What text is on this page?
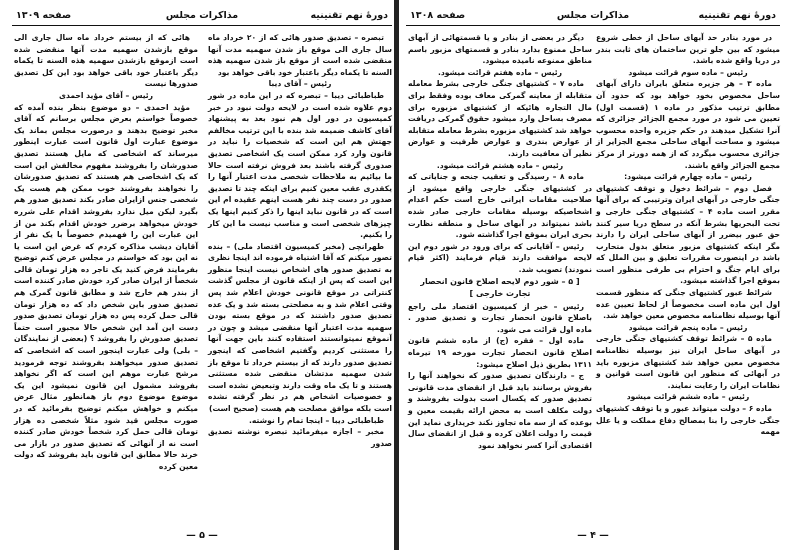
دورهٔ نهم تقنینیه
مذاکرات مجلس
صفحه ۱۳۰۹

تبصره – تصدیق صدور هائی که از ۲۰ خرداد ماه سال جاری الی موقع باز شدن سهمیه مدت آنها منقضی شده است از موقع باز شدن سهمیه هذه السنه تا یکماه دیگر باعتبار خود باقی خواهد بود

رئیس – آقای دیبا

طباطبائی دیبا – تبصره که در این ماده در شور دوم علاوه شده است در لایحه دولت نبود در خبر کمیسیون در دور اول هم نبود بعد به پیشنهاد آقای کاشف ضمیمه شد بنده با این ترتیب مخالفم جهتش هم این است که شخصیات را نباید در قانون وارد کرد ممکن است یک اشخاصی تصدیق صدوری گرفته باشند بعد فروش نرفته است حالا ما بیائیم به ملاحظات شخصی مدت اعتبار آنها را یکقدری عقب معین کنیم برای اینکه چند تا تصدیق صدور در دست چند نفر هست اینهم عقیده ام این است که در قانون نباید اینها را ذکر کنیم اینها یک چیزهای شخصی است و مناسب نیست ما این کار را بکنیم.

طهرانچی (مخبر کمیسیون اقتصاد ملی) – بنده تصور میکنم که آقا اشتباه فرموده اند اینجا نظری به تصدیق صدور های اشخاص نیست اینجا منظور این است که پس از اینکه قانون از مجلس گذشت کنتراتی در موقع قانونی خودش اعلام شد پس وقتی اعلام شد و به مصلحتی بسته شد و یک عده تصدیق صدور داشتند که در موقع بسته بودن سهمیه مدت اعتبار آنها منقضی میشد و چون در آنموقع نمیتوانستند استفاده کنند باین جهت آنها را مستثنی کردیم وگفتیم اشخاصی که اینجور تصدیق صدور دارند که از بیستم خرداد تا موقع باز شدن سهمیه مدتشان منقضی شده مستثنی هستند و تا یک ماه وقت دارند وتبعیض نشده است و خصوصیات اشخاص هم در نظر گرفته نشده است بلکه موافق مصلحت هم هست (صحیح است)

طباطبائی دیبا – اینجا تمام را نوشته.

مخبر – اجازه میفرمائید تبصره نوشته تصدیق صدور

هائی که از بیستم خرداد ماه سال جاری الی موقع بازشدن سهمیه مدت آنها منقضی شده است ازموقع بازشدن سهمیه هذه السنه تا یکماه دیگر باعتبار خود باقی خواهد بود این کل تصدیق صدورها نیست

رئیس – آقای مؤید احمدی

مؤید احمدی – دو موضوع بنظر بنده آمده که خصوصاً خواستم بعرض مجلس برسانم که آقای مخبر توضیح بدهند و درصورت مجلس بماند یک موضوع عبارت اول قانون است عبارت اینطور میرساند که اشخاصی که مایل هستند تصدیق صدورشان را بفروشند مفهوم مخالفش این است که یک اشخاصی هم هستند که تصدیق صدورشان را نخواهند بفروشند خوب ممکن هم هست یک شخصی جنس ازایران صادر بکند تصدیق صدور هم بگیرد لیکن میل ندارد بفروشد اقدام علی شرره خودش میخواهد برضرر خودش اقدام بکند من از این عبارت این را فهمیدم خصوصاً با یک نفر از آقایان دیشب مذاکره کردم که غرض این است یا نه این بود که خواستم در مجلس عرض کنم توضیح بفرمایند فرض کنید یک تاجر ده هزار تومان قالی شخصاً از ایران صادر کرد خودش صادر کننده است از بندر هم خارج شد و مطابق قانون گمرک هم تصدیق صدور باین شخص داد که ده هزار تومان قالی حمل کرده پس ده هزار تومان تصدیق صدور دست این آمد این شخص حالا مجبور است حتماً تصدیق صدورش را بفروشد ؟ (بعضی از نمایندگان – بلی) ولی عبارت اینجور است که اشخاصی که تصدیق صدور میخواهند بفروشند توجه فرمودید مرشح عبارت موهم این است که اگر نخواهد بفروشد مشمول این قانون نمیشود این یک موضوع موضوع دوم باز همانطور مثال عرض میکنم و خواهش میکنم توضیح بفرمائید که در صورت مجلس قید شود مثلاً شخصی ده هزار تومان قالی حمل کرد شخصاً خودش صادر کننده است نه از آنهائی که تصدیق صدور در بازار می خرند حالا مطابق این قانون باید بفروشد که دولت معین کرده

— ۵ —
دورهٔ نهم تقنینیه
مذاکرات مجلس
صفحه ۱۳۰۸

در مورد بنادر حد آبهای ساحل از خطی شروع میشود که بین جلو ترین ساختمان های ثابت بندر در دریا واقع شده باشد.

رئیس – ماده سوم قرائت میشود

ماده ۳ – هر جزیره متعلق بایران دارای آبهای ساحل مخصوص بخود خواهد بود که حدود آن مطابق ترتیب مذکور در ماده ۱ (قسمت اول) تعیین می شود در مورد مجمع الجزائر جزائری که آنرا تشکیل میدهند در حکم جزیره واحده محسوب میشود و مساحت آبهای ساحلی مجمع الجزایر از جزائری محسوب میگردد که از همه دورتر از مرکز مجمع الجزائر واقع باشند.

رئیس – ماده چهارم قرائت میشود:

فصل دوم – شرائط دخول و توقف کشتیهای جنگی خارجی در آبهای ایران وترتیبی که برای آنها مقرر است ماده ۴ – کشتیهای جنگی خارجی و تحت البحریها بشرط آنکه در سطح دریا سیر کنند حق عبور بیضرر از آبهای ساحلی ایران را دارند مگر اینکه کشتیهای مزبور متعلق بدول متحارب باشد در اینصورت مقررات تعلیق و بین الملل که برای ایام جنگ و احترام بی طرفی منظور است بموقع اجرا گذاشته میشود.

شرائط عبور کشتیهای جنگی که منظور قسمت اول این ماده است مخصوصاً از لحاظ تعیین عده آنها بوسیله نظامنامه مخصوص معین خواهد شد.

رئیس – ماده پنجم قرائت میشود

ماده ۵ – شرائط توقف کشتیهای جنگی خارجی در آبهای ساحل ایران نیز بوسیله نظامنامه مخصوص معین خواهد شد کشتیهای مزبوره باید در آبهائی که منظور این قانون است قوانین و نظامات ایران را رعایت نمایند.

رئیس – ماده ششم قرائت میشود

ماده ۶ – دولت میتواند عبور و یا توقف کشتیهای جنگی خارجی را بنا بمصالح دفاع مملکت و یا علل مهمه

دیگر در بعضی از بنادر و یا قسمتهائی از آبهای ساحل ممنوع بدارد بنادر و قسمتهای مزبور باسم مناطق ممنوعه نامیده میشود.

رئیس – ماده هفتم قرائت میشود.

ماده ۷ – کشتیهای جنگی خارجی بشرط معامله متقابله از معاینه گمرکی معاف بوده وفقط برای مال التجاره هائیکه از کشتیهای مزبوره برای مصرف بساحل وارد میشود حقوق گمرکی دریافت خواهد شد کشتیهای مزبوره بشرط معامله متقابله از عوارض بندری و عوارض ظرفیت و عوارض نظیر آن معافیت دارند.

رئیس – ماده هشتم قرائت میشود.

ماده ۸ – رسیدگی و تعقیب جنحه و جنایاتی که در کشتیهای جنگی خارجی واقع میشود از صلاحیت مقامات ایرانی خارج است حکم اعدام اشخاصیکه بوسیله مقامات خارجی صادر شده باشد نمیتواند در آبهای ساحل و منطقه نظارت بحری ایران بموقع اجرا گذاشته شود.

رئیس – آقایانی که برای ورود در شور دوم این لایحه موافقت دارند قیام فرمایند (اکثر قیام نمودند) تصویب شد.

[ ۵ – شور دوم لایحه اصلاح قانون انحصار تجارت خارجی ]

رئیس – خبر از کمیسیون اقتصاد ملی راجع باصلاح قانون انحصار تجارت و تصدیق صدور . ماده اول قرائت می شود.

ماده اول – فقره (ج) از ماده ششم قانون اصلاح قانون انحصار تجارت مورخه ۱۹ تیرماه ۱۳۱۱ بطریق ذیل اصلاح میشود:

ج – دارندگان تصدیق صدور که نخواهند آنها را بفروش برسانند باید قبل از انقضای مدت قانونی تصدیق صدور که یکسال است بدولت بفروشند و دولت مکلف است به محض ارائه بقیمت معین و بوعده که از سه ماه تجاوز نکند خریداری نماید این قیمت را دولت اعلان کرده و قبل از انقضای سال اقتصادی آنرا کسر نخواهد نمود

— ۴ —
